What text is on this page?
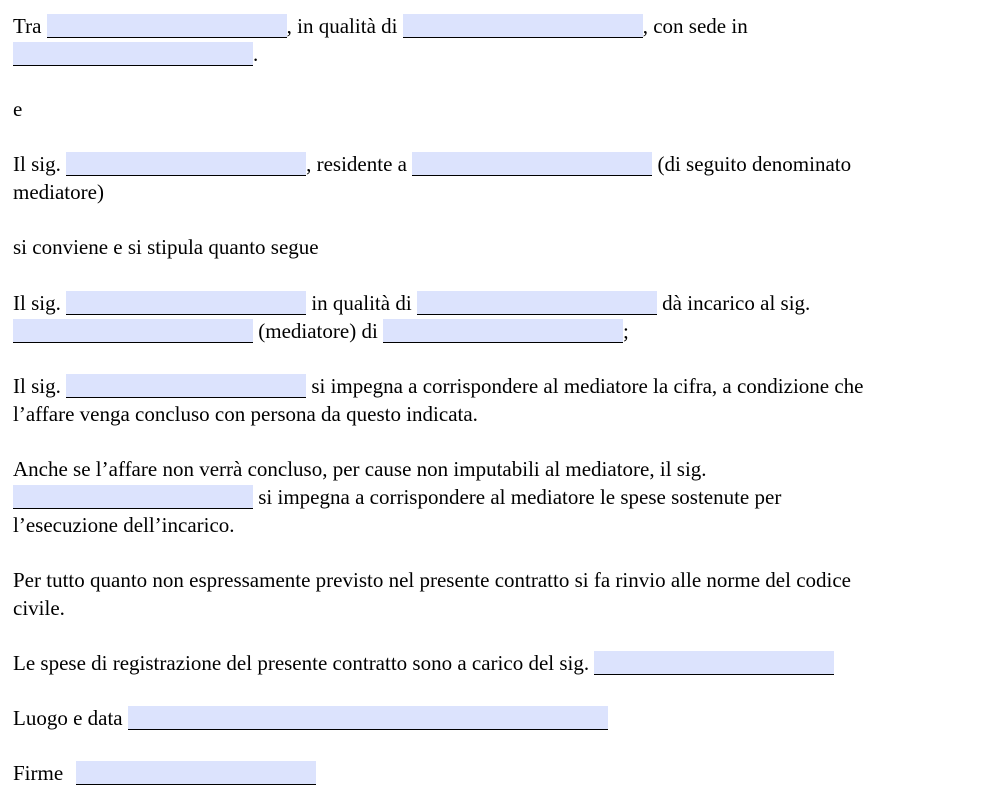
Tra	, in qualità di	, con sede in
.
e
Il sig.	, residente a	(di seguito denominato
mediatore)
si conviene e si stipula quanto segue
Il sig.	in qualità di	dà incarico al sig.
(mediatore) di	;
Il sig.	si impegna a corrispondere al mediatore la cifra, a condizione che
l’affare venga concluso con persona da questo indicata.
Anche se l’affare non verrà concluso, per cause non imputabili al mediatore, il sig.
si impegna a corrispondere al mediatore le spese sostenute per
l’esecuzione dell’incarico.
Per tutto quanto non espressamente previsto nel presente contratto si fa rinvio alle norme del codice
civile.
Le spese di registrazione del presente contratto sono a carico del sig.
Luogo e data
Firme
